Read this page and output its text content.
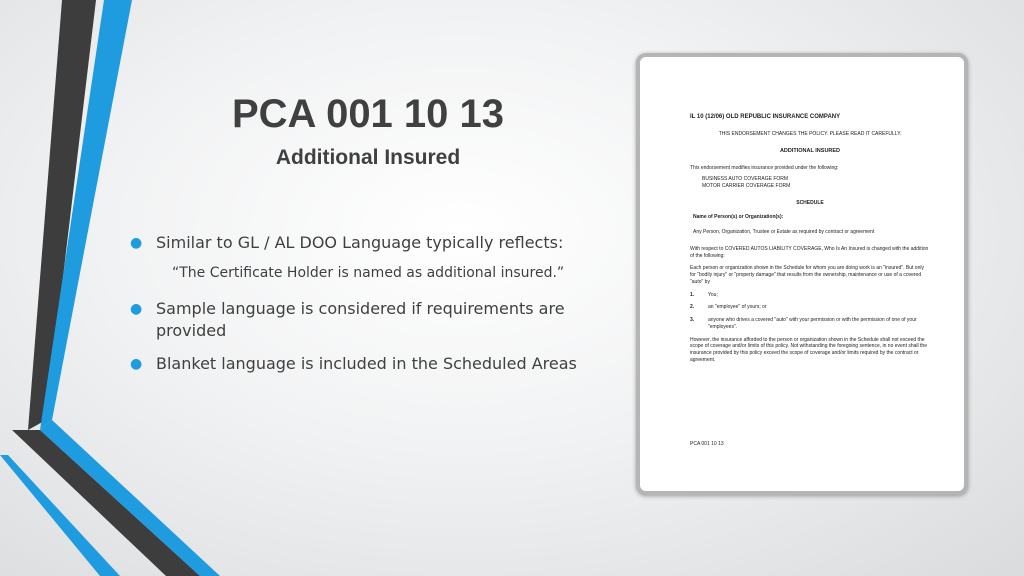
PCA 001 10 13
Additional Insured
● Similar to GL / AL DOO Language typically reflects:
“The Certificate Holder is named as additional insured.”
● Sample language is considered if requirements are provided
● Blanket language is included in the Scheduled Areas
IL 10 (12/06) OLD REPUBLIC INSURANCE COMPANY
THIS ENDORSEMENT CHANGES THE POLICY. PLEASE READ IT CAREFULLY.
ADDITIONAL INSURED
This endorsement modifies insurance provided under the following:
BUSINESS AUTO COVERAGE FORM
MOTOR CARRIER COVERAGE FORM
SCHEDULE
Name of Person(s) or Organization(s):
Any Person, Organization, Trustee or Estate as required by contract or agreement
With respect to COVERED AUTOS LIABILITY COVERAGE, Who Is An Insured is changed with the addition of the following:
Each person or organization shown in the Schedule for whom you are doing work is an "insured". But only for "bodily injury" or "property damage" that results from the ownership, maintenance or use of a covered "auto" by
1.	You;
2.	an "employee" of yours; or
3.	anyone who drives a covered "auto" with your permission or with the permission of one of your "employees".
However, the insurance afforded to the person or organization shown in the Schedule shall not exceed the scope of coverage and/or limits of this policy. Not withstanding the foregoing sentence, in no event shall the insurance provided by this policy exceed the scope of coverage and/or limits required by the contract or agreement.
PCA 001 10 13
